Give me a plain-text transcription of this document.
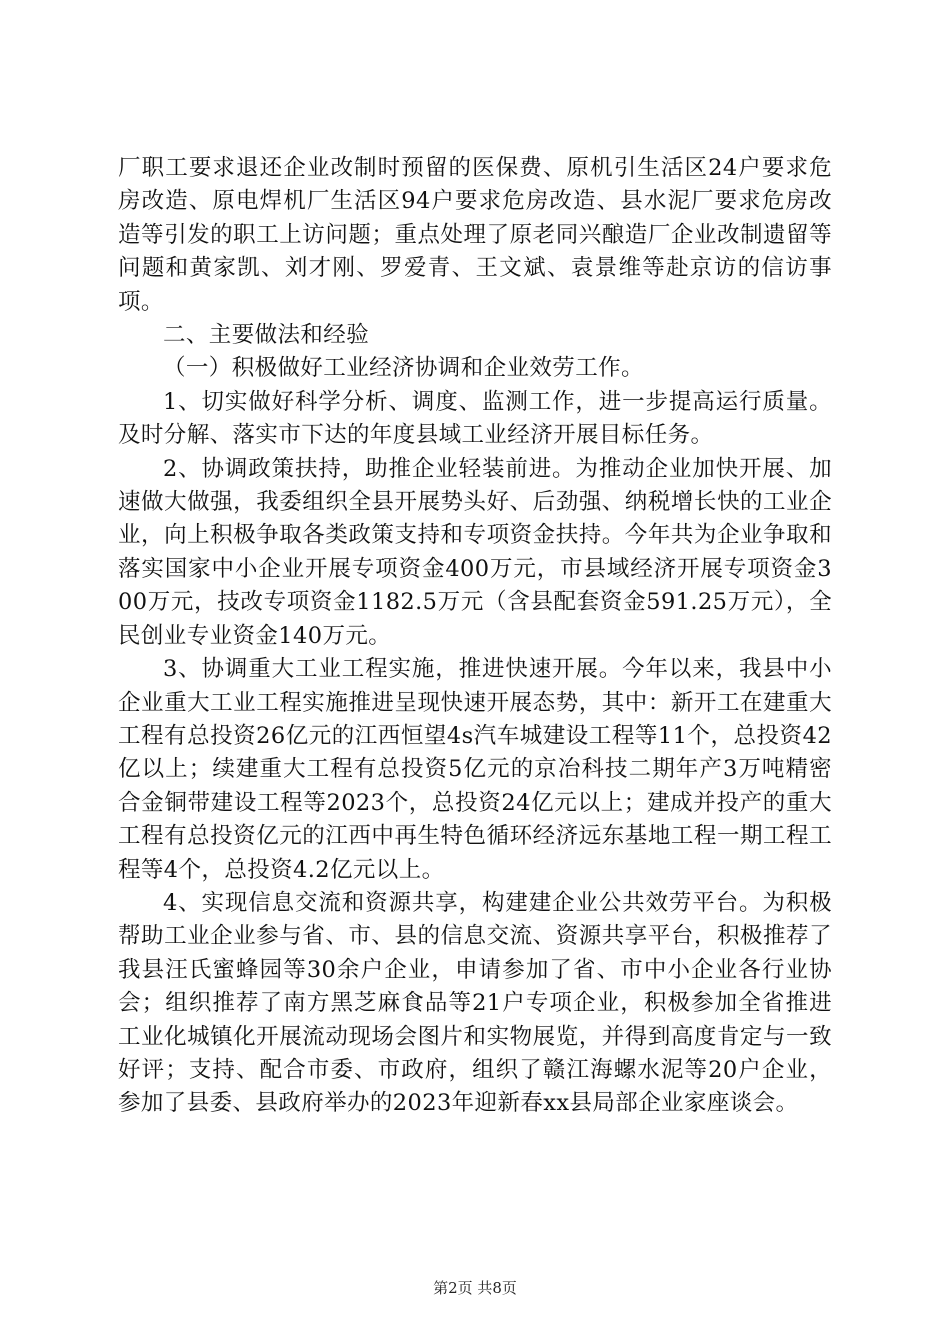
厂职工要求退还企业改制时预留的医保费、原机引生活区24户要求危房改造、原电焊机厂生活区94户要求危房改造、县水泥厂要求危房改造等引发的职工上访问题；重点处理了原老同兴酿造厂企业改制遗留等问题和黄家凯、刘才刚、罗爱青、王文斌、袁景维等赴京访的信访事项。

二、主要做法和经验

（一）积极做好工业经济协调和企业效劳工作。

1、切实做好科学分析、调度、监测工作，进一步提高运行质量。及时分解、落实市下达的年度县域工业经济开展目标任务。

2、协调政策扶持，助推企业轻装前进。为推动企业加快开展、加速做大做强，我委组织全县开展势头好、后劲强、纳税增长快的工业企业，向上积极争取各类政策支持和专项资金扶持。今年共为企业争取和落实国家中小企业开展专项资金400万元，市县域经济开展专项资金300万元，技改专项资金1182.5万元（含县配套资金591.25万元），全民创业专业资金140万元。

3、协调重大工业工程实施，推进快速开展。今年以来，我县中小企业重大工业工程实施推进呈现快速开展态势，其中：新开工在建重大工程有总投资26亿元的江西恒望4s汽车城建设工程等11个，总投资42亿以上；续建重大工程有总投资5亿元的京冶科技二期年产3万吨精密合金铜带建设工程等2023个，总投资24亿元以上；建成并投产的重大工程有总投资亿元的江西中再生特色循环经济远东基地工程一期工程工程等4个，总投资4.2亿元以上。

4、实现信息交流和资源共享，构建建企业公共效劳平台。为积极帮助工业企业参与省、市、县的信息交流、资源共享平台，积极推荐了我县汪氏蜜蜂园等30余户企业，申请参加了省、市中小企业各行业协会；组织推荐了南方黑芝麻食品等21户专项企业，积极参加全省推进工业化城镇化开展流动现场会图片和实物展览，并得到高度肯定与一致好评；支持、配合市委、市政府，组织了赣江海螺水泥等20户企业，参加了县委、县政府举办的2023年迎新春xx县局部企业家座谈会。

第2页 共8页
